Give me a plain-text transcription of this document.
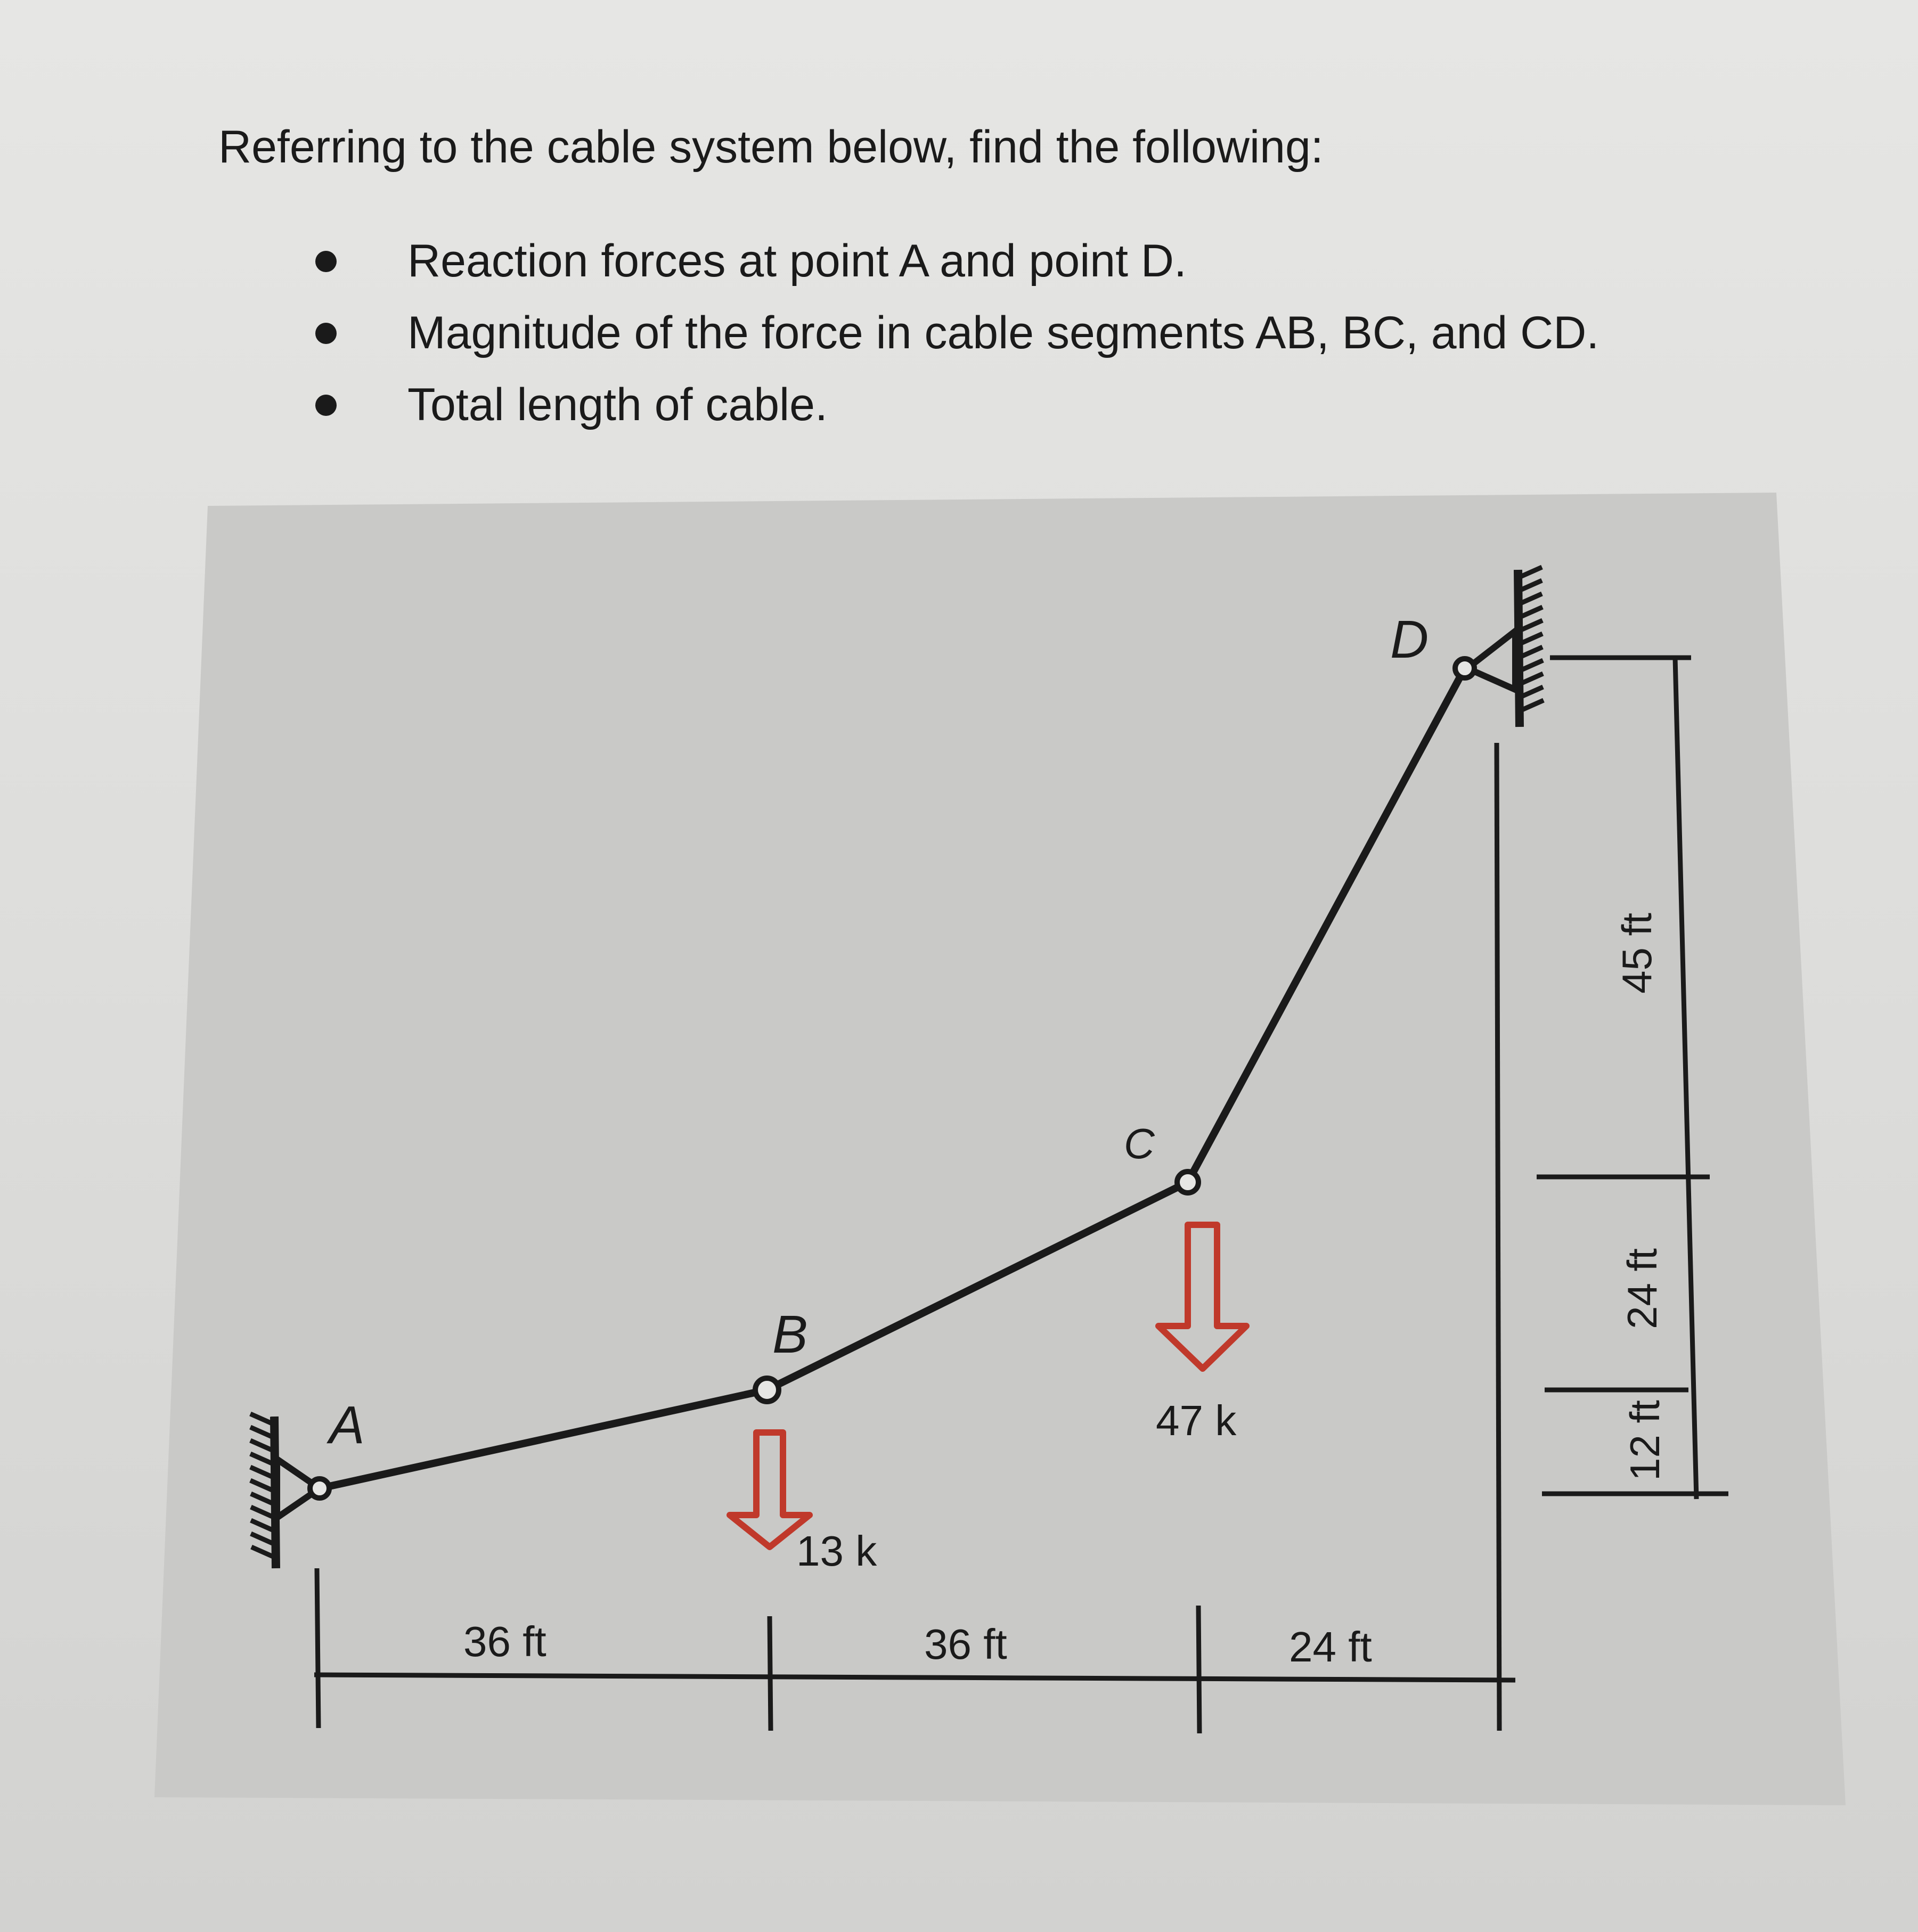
Referring to the cable system below, find the following:

Reaction forces at point A and point D.
Magnitude of the force in cable segments AB, BC, and CD.
Total length of cable.
A
B
C
D
13 k
47 k
36 ft	36 ft	24 ft
45 ft
24 ft
12 ft
